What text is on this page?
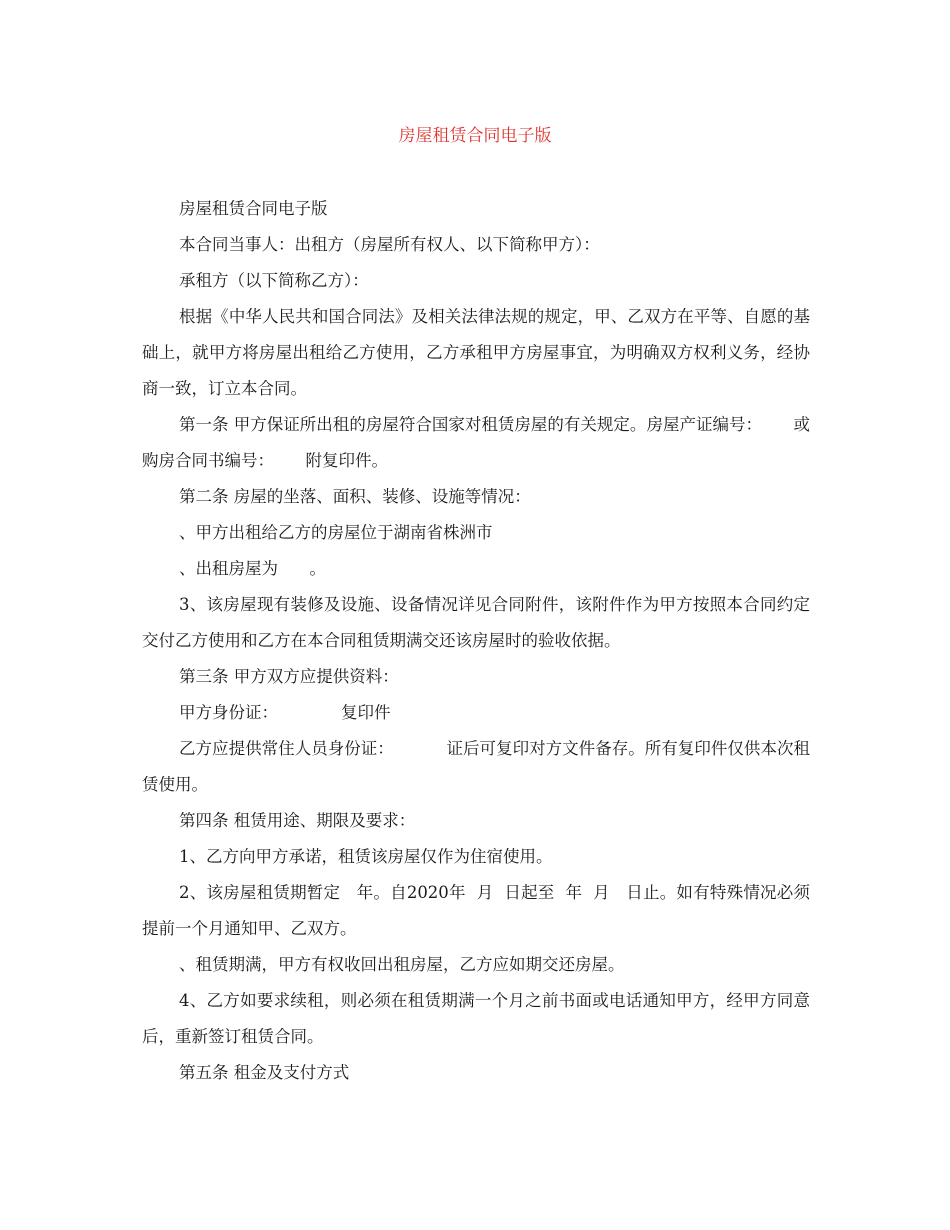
房屋租赁合同电子版

房屋租赁合同电子版

本合同当事人：出租方（房屋所有权人、以下简称甲方）：

承租方（以下简称乙方）：

根据《中华人民共和国合同法》及相关法律法规的规定，甲、乙双方在平等、自愿的基础上，就甲方将房屋出租给乙方使用，乙方承租甲方房屋事宜，为明确双方权利义务，经协商一致，订立本合同。

第一条 甲方保证所出租的房屋符合国家对租赁房屋的有关规定。房屋产证编号：      或购房合同书编号：      附复印件。

第二条 房屋的坐落、面积、装修、设施等情况：

、甲方出租给乙方的房屋位于湖南省株洲市

、出租房屋为      。

3、该房屋现有装修及设施、设备情况详见合同附件，该附件作为甲方按照本合同约定交付乙方使用和乙方在本合同租赁期满交还该房屋时的验收依据。

第三条 甲方双方应提供资料：

甲方身份证：            复印件

乙方应提供常住人员身份证：          证后可复印对方文件备存。所有复印件仅供本次租赁使用。

第四条 租赁用途、期限及要求：

1、乙方向甲方承诺，租赁该房屋仅作为住宿使用。

2、该房屋租赁期暂定   年。自2020年  月  日起至  年  月   日止。如有特殊情况必须提前一个月通知甲、乙双方。

、租赁期满，甲方有权收回出租房屋，乙方应如期交还房屋。

4、乙方如要求续租，则必须在租赁期满一个月之前书面或电话通知甲方，经甲方同意后，重新签订租赁合同。

第五条 租金及支付方式
